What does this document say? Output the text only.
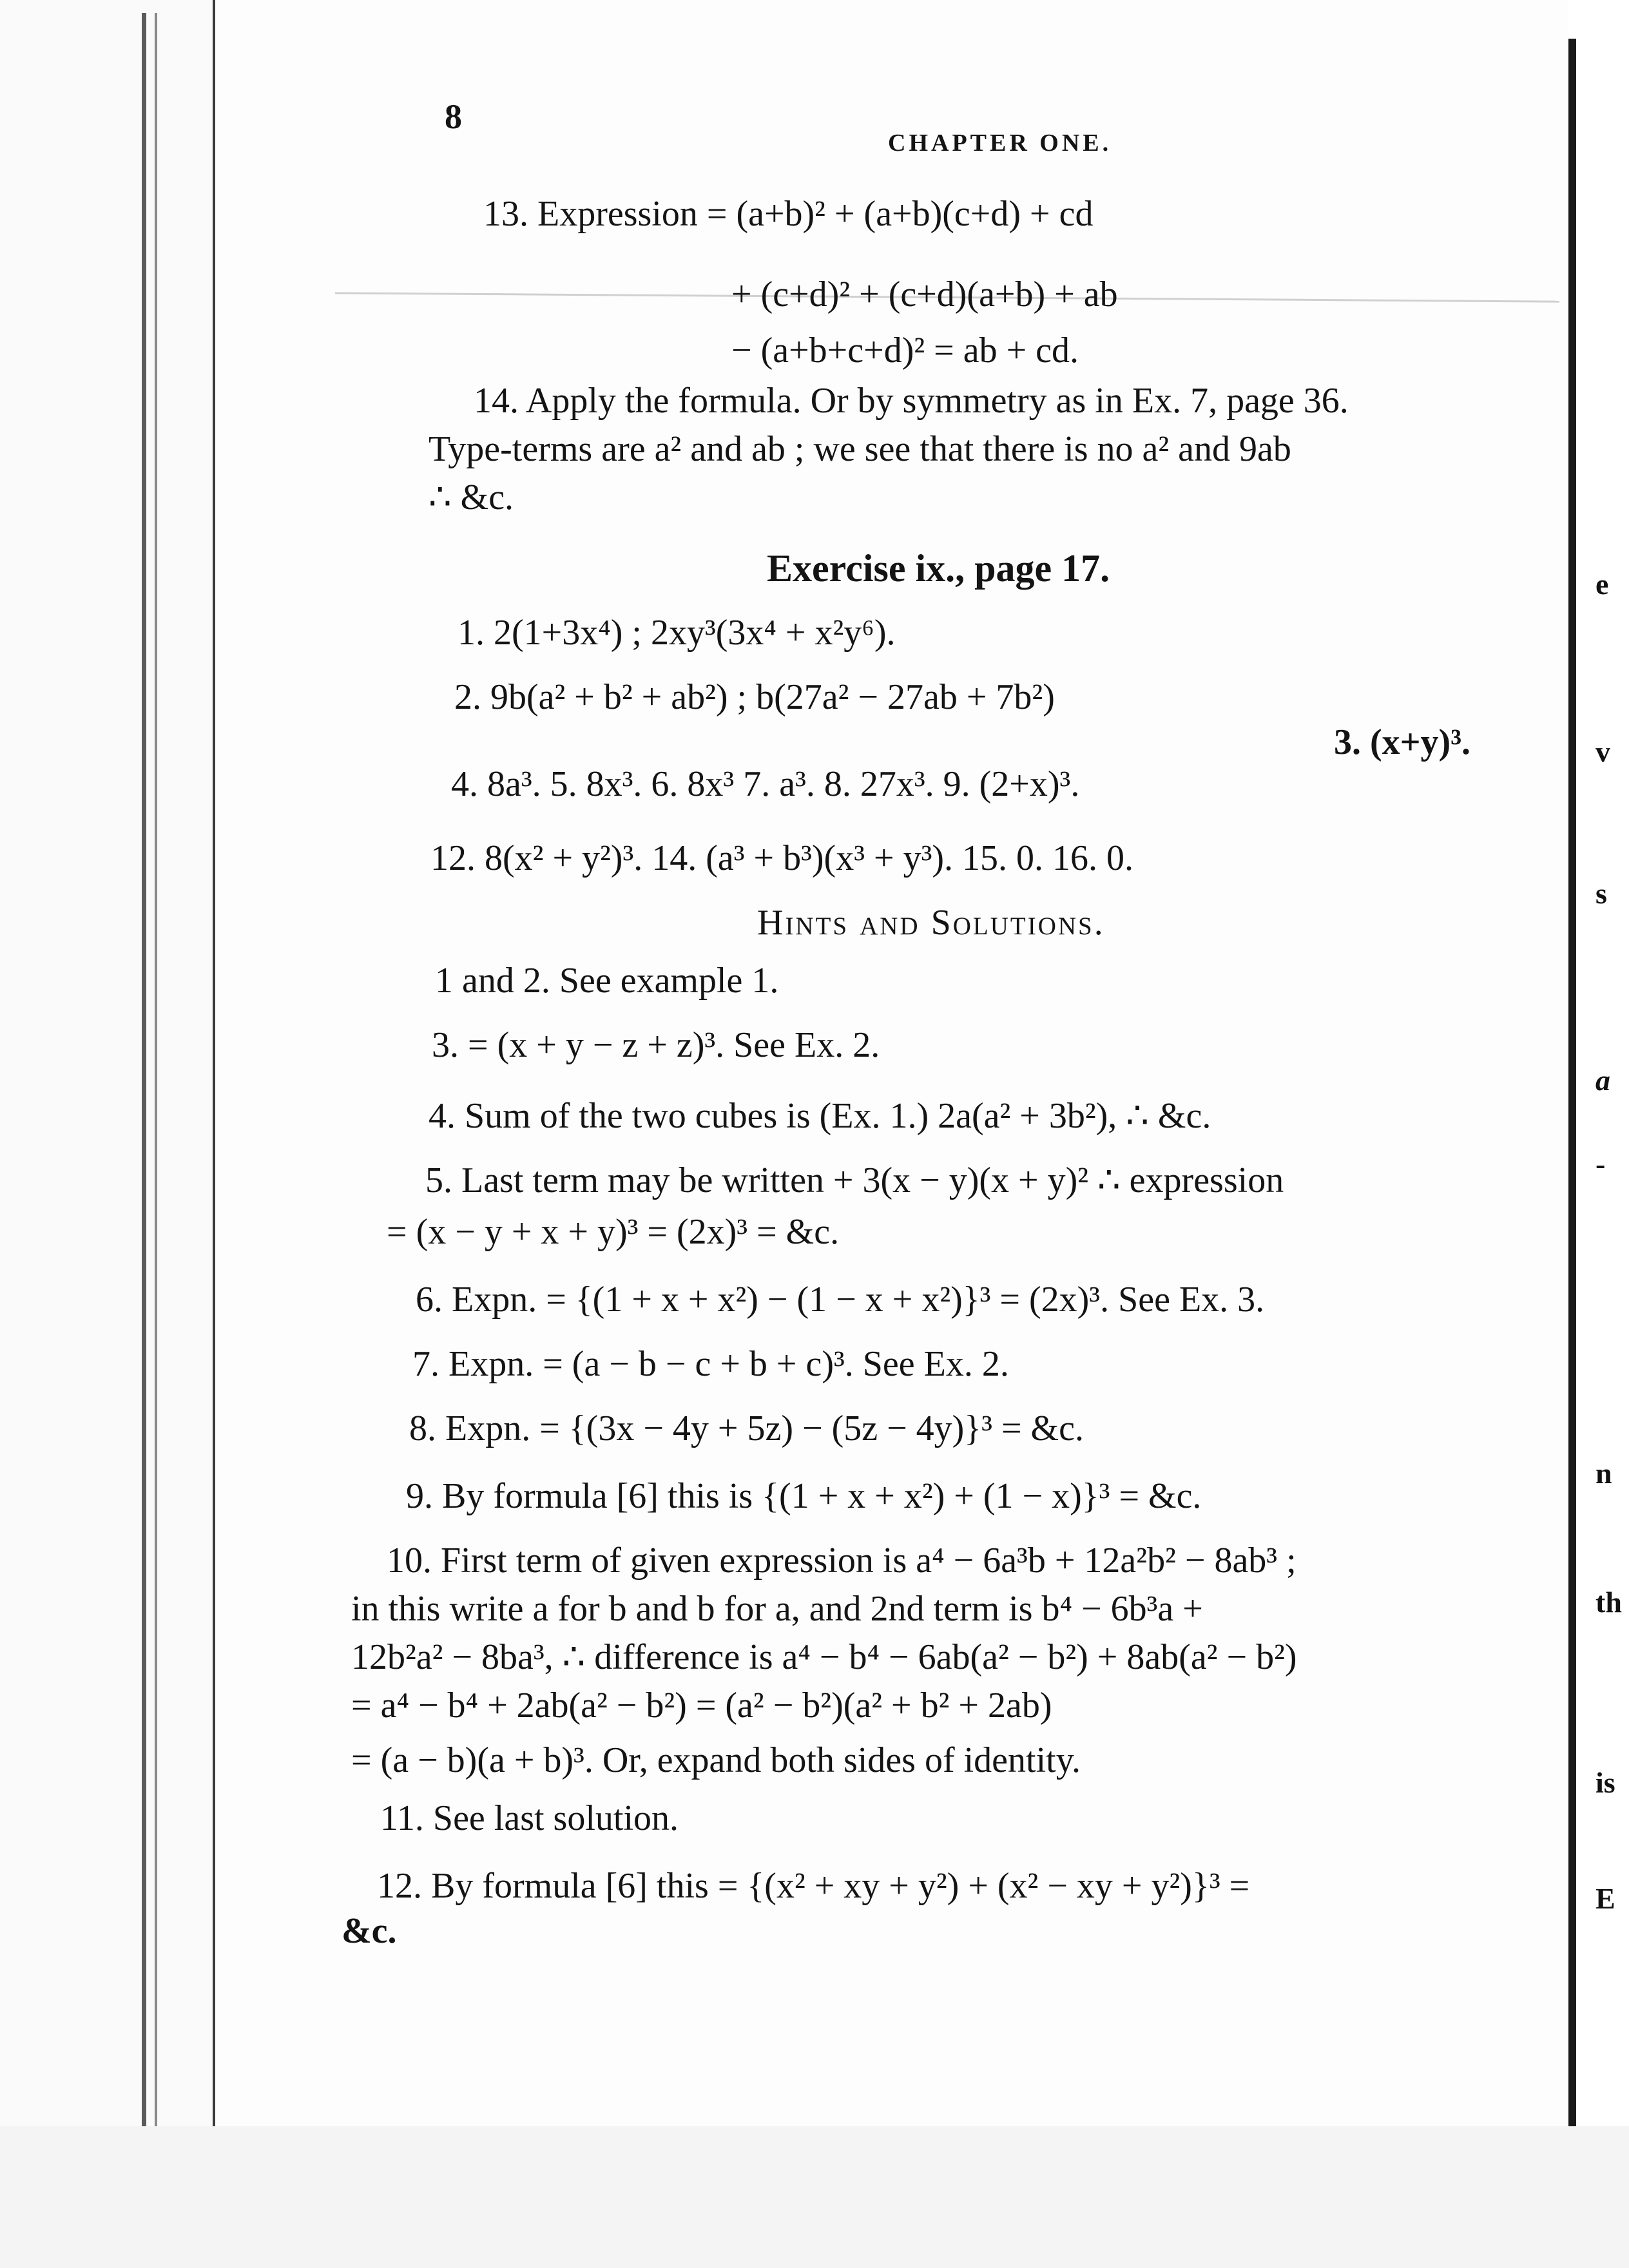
e
v
s
a
-
n
th
is
E
8
CHAPTER ONE.
13. Expression = (a+b)² + (a+b)(c+d) + cd
+ (c+d)² + (c+d)(a+b) + ab
− (a+b+c+d)² = ab + cd.
14. Apply the formula. Or by symmetry as in Ex. 7, page 36.
Type-terms are a² and ab ; we see that there is no a² and 9ab
∴ &c.
Exercise ix., page 17.
1. 2(1+3x⁴) ; 2xy³(3x⁴ + x²y⁶).
2. 9b(a² + b² + ab²) ; b(27a² − 27ab + 7b²)
3. (x+y)³.
4. 8a³. 5. 8x³. 6. 8x³ 7. a³. 8. 27x³. 9. (2+x)³.
12. 8(x² + y²)³. 14. (a³ + b³)(x³ + y³). 15. 0. 16. 0.
Hints and Solutions.
1 and 2. See example 1.
3. = (x + y − z + z)³. See Ex. 2.
4. Sum of the two cubes is (Ex. 1.) 2a(a² + 3b²), ∴ &c.
5. Last term may be written + 3(x − y)(x + y)² ∴ expression
= (x − y + x + y)³ = (2x)³ = &c.
6. Expn. = {(1 + x + x²) − (1 − x + x²)}³ = (2x)³. See Ex. 3.
7. Expn. = (a − b − c + b + c)³. See Ex. 2.
8. Expn. = {(3x − 4y + 5z) − (5z − 4y)}³ = &c.
9. By formula [6] this is {(1 + x + x²) + (1 − x)}³ = &c.
10. First term of given expression is a⁴ − 6a³b + 12a²b² − 8ab³ ;
in this write a for b and b for a, and 2nd term is b⁴ − 6b³a +
12b²a² − 8ba³, ∴ difference is a⁴ − b⁴ − 6ab(a² − b²) + 8ab(a² − b²)
= a⁴ − b⁴ + 2ab(a² − b²) = (a² − b²)(a² + b² + 2ab)
= (a − b)(a + b)³. Or, expand both sides of identity.
11. See last solution.
12. By formula [6] this = {(x² + xy + y²) + (x² − xy + y²)}³ =
&c.
